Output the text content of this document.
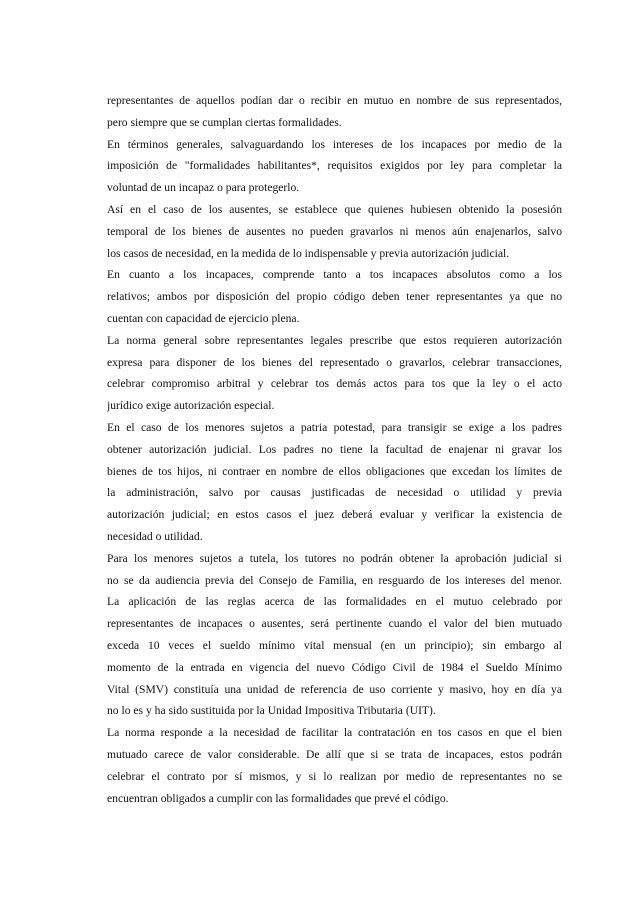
representantes de aquellos podían dar o recibir en mutuo en nombre de sus representados,
pero siempre que se cumplan ciertas formalidades.
En términos generales, salvaguardando los intereses de los incapaces por medio de la
imposición de "formalidades habilitantes*, requisitos exigidos por ley para completar la
voluntad de un incapaz o para protegerlo.
Así en el caso de los ausentes, se establece que quienes hubiesen obtenido la posesión
temporal de los bienes de ausentes no pueden gravarlos ni menos aún enajenarlos, salvo
los casos de necesidad, en la medida de lo indispensable y previa autorización judicial.
En cuanto a los incapaces, comprende tanto a tos incapaces absolutos como a los
relativos; ambos por disposición del propio código deben tener representantes ya que no
cuentan con capacidad de ejercicio plena.
La norma general sobre representantes legales prescribe que estos requieren autorización
expresa para disponer de los bienes del representado o gravarlos, celebrar transacciones,
celebrar compromiso arbitral y celebrar tos demás actos para tos que la ley o el acto
jurídico exige autorización especial.
En el caso de los menores sujetos a patria potestad, para transigir se exige a los padres
obtener autorización judicial. Los padres no tiene la facultad de enajenar ni gravar los
bienes de tos hijos, ni contraer en nombre de ellos obligaciones que excedan los límites de
la administración, salvo por causas justificadas de necesidad o utilidad y previa
autorización judicial; en estos casos el juez deberá evaluar y verificar la existencia de
necesidad o utilidad.
Para los menores sujetos a tutela, los tutores no podrán obtener la aprobación judicial si
no se da audiencia previa del Consejo de Familia, en resguardo de los intereses del menor.
La aplicación de las reglas acerca de las formalidades en el mutuo celebrado por
representantes de incapaces o ausentes, será pertinente cuando el valor del bien mutuado
exceda 10 veces el sueldo mínimo vital mensual (en un principio); sin embargo al
momento de la entrada en vigencia del nuevo Código Civil de 1984 el Sueldo Mínimo
Vital (SMV) constituía una unidad de referencia de uso corriente y masivo, hoy en día ya
no lo es y ha sido sustituida por la Unidad Impositiva Tributaria (UIT).
La norma responde a la necesidad de facilitar la contratación en tos casos en que el bien
mutuado carece de valor considerable. De allí que si se trata de incapaces, estos podrán
celebrar el contrato por sí mismos, y si lo realizan por medio de representantes no se
encuentran obligados a cumplir con las formalidades que prevé el código.
